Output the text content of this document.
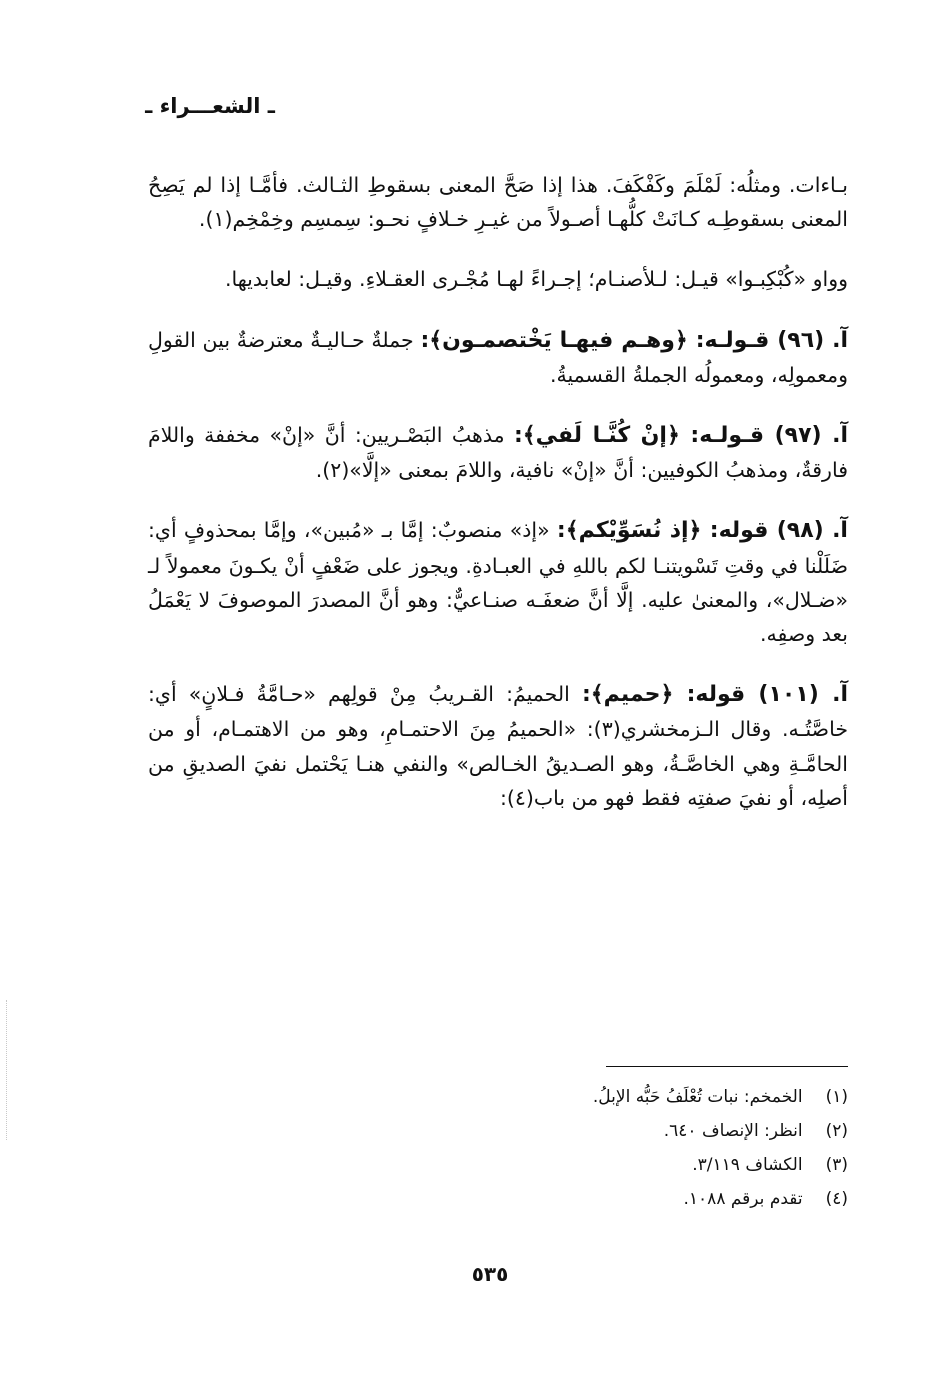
ـ الشعـــراء ـ

بـاءات. ومثلُه: لَمْلَمَ وكَفْكَفَ. هذا إذا صَحَّ المعنى بسقوطِ الثـالث. فأمَّـا إذا لم يَصِحُ المعنى بسقوطِـه كـانَتْ كلُّهـا أصـولاً من غيـرِ خـلافٍ نحـو: سِمسِم وخِمْخِم(١).

وواو «كُبْكِبـوا» قيـل: لـلأصنـام؛ إجـراءً لهـا مُجْـرى العقـلاءِ. وقيـل: لعابديها.

آ. (٩٦) قـولـه: ﴿وهـم فيهـا يَخْتصمـون﴾: جملةٌ حـاليـةٌ معترضةٌ بين القولِ ومعمولِه، ومعمولُه الجملةُ القسميةُ.

آ. (٩٧) قـولـه: ﴿إنْ كُنَّـا لَفي﴾: مذهبُ البَصْـريين: أنَّ «إنْ» مخففة واللامَ فارقةٌ، ومذهبُ الكوفيين: أنَّ «إنْ» نافية، واللامَ بمعنى «إلَّا»(٢).

آ. (٩٨) قوله: ﴿إذ نُسَوِّيْكم﴾: «إذ» منصوبٌ: إمَّا بـ «مُبين»، وإمَّا بمحذوفٍ أي: ضَلَلْنا في وقتِ تَسْويتنـا لكم باللهِ في العبـادةِ. ويجوز على ضَعْفٍ أنْ يكـونَ معمولاً لـ «ضـلال»، والمعنىٰ عليه. إلَّا أنَّ ضعفَـه صنـاعيٌّ: وهو أنَّ المصدرَ الموصوفَ لا يَعْمَلُ بعد وصفِه.

آ. (١٠١) قوله: ﴿حميم﴾: الحميمُ: القـريبُ مِنْ قولِهم «حـامَّةُ فـلانٍ» أي: خاصَّتُـه. وقال الـزمخشري(٣): «الحميمُ مِنَ الاحتمـامِ، وهو من الاهتمـام، أو من الحامَّـةِ وهي الخاصَّـةُ، وهو الصـديقُ الخـالص» والنفي هنـا يَحْتمل نفيَ الصديقِ من أصلِه، أو نفيَ صفتِه فقط فهو من باب(٤):

(١) الخمخم: نبات تُعْلَفُ حَبُّه الإبلُ.
(٢) انظر: الإنصاف ٦٤٠.
(٣) الكشاف ٣/١١٩.
(٤) تقدم برقم ١٠٨٨.
٥٣٥
